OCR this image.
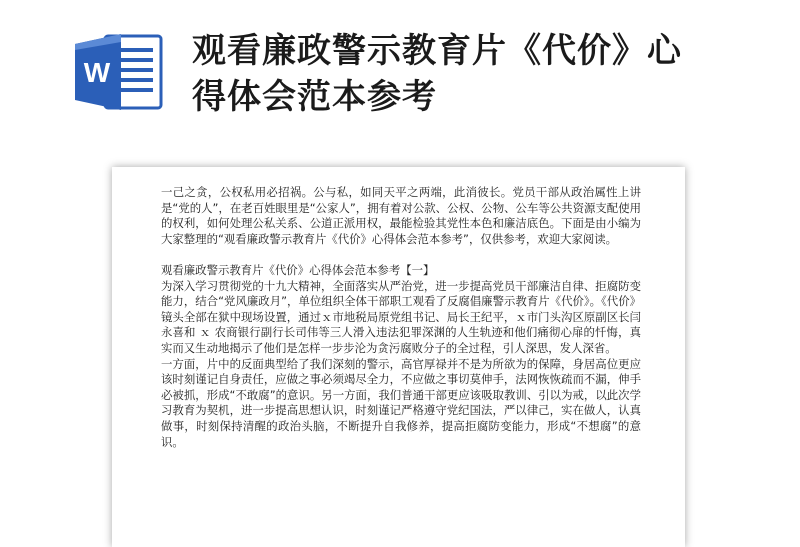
W
观看廉政警示教育片《代价》心
得体会范本参考

一己之贪，公权私用必招祸。公与私，如同天平之两端，此消彼长。党员干部从政治属性上讲是“党的人”，在老百姓眼里是“公家人”，拥有着对公款、公权、公物、公车等公共资源支配使用的权利，如何处理公私关系、公道正派用权，最能检验其党性本色和廉洁底色。下面是由小编为大家整理的“观看廉政警示教育片《代价》心得体会范本参考”，仅供参考，欢迎大家阅读。

观看廉政警示教育片《代价》心得体会范本参考【一】

为深入学习贯彻党的十九大精神，全面落实从严治党，进一步提高党员干部廉洁自律、拒腐防变能力，结合“党风廉政月”，单位组织全体干部职工观看了反腐倡廉警示教育片《代价》。《代价》镜头全部在狱中现场设置，通过ｘ市地税局原党组书记、局长王纪平，ｘ市门头沟区原副区长闫永喜和 ｘ 农商银行副行长司伟等三人滑入违法犯罪深渊的人生轨迹和他们痛彻心扉的忏悔，真实而又生动地揭示了他们是怎样一步步沦为贪污腐败分子的全过程，引人深思，发人深省。

一方面，片中的反面典型给了我们深刻的警示，高官厚禄并不是为所欲为的保障，身居高位更应该时刻谨记自身责任，应做之事必须竭尽全力，不应做之事切莫伸手，法网恢恢疏而不漏，伸手必被抓，形成“不敢腐”的意识。另一方面，我们普通干部更应该吸取教训、引以为戒，以此次学习教育为契机，进一步提高思想认识，时刻谨记严格遵守党纪国法，严以律己，实在做人，认真做事，时刻保持清醒的政治头脑，不断提升自我修养，提高拒腐防变能力，形成“不想腐”的意识。
